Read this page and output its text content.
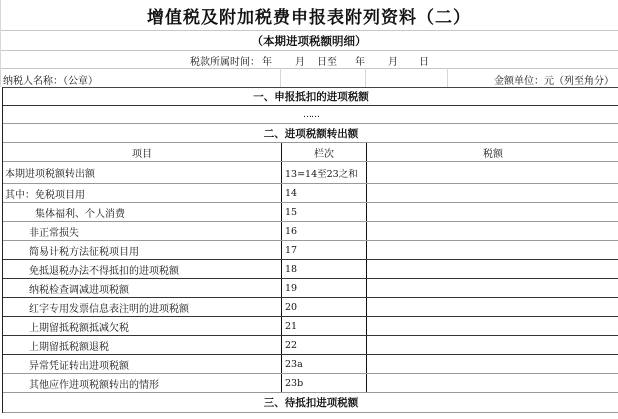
增值税及附加税费申报表附列资料（二）
（本期进项税额明细）
税款所属时间： 年 月 日至 年 月 日
纳税人名称：（公章）	金额单位：元（列至角分）
一、申报抵扣的进项税额
……
二、进项税额转出额
项目	栏次	税额
本期进项税额转出额	13=14至23之和
其中：免税项目用	14
集体福利、个人消费	15
非正常损失	16
简易计税方法征税项目用	17
免抵退税办法不得抵扣的进项税额	18
纳税检查调减进项税额	19
红字专用发票信息表注明的进项税额	20
上期留抵税额抵减欠税	21
上期留抵税额退税	22
异常凭证转出进项税额	23a
其他应作进项税额转出的情形	23b
三、待抵扣进项税额
